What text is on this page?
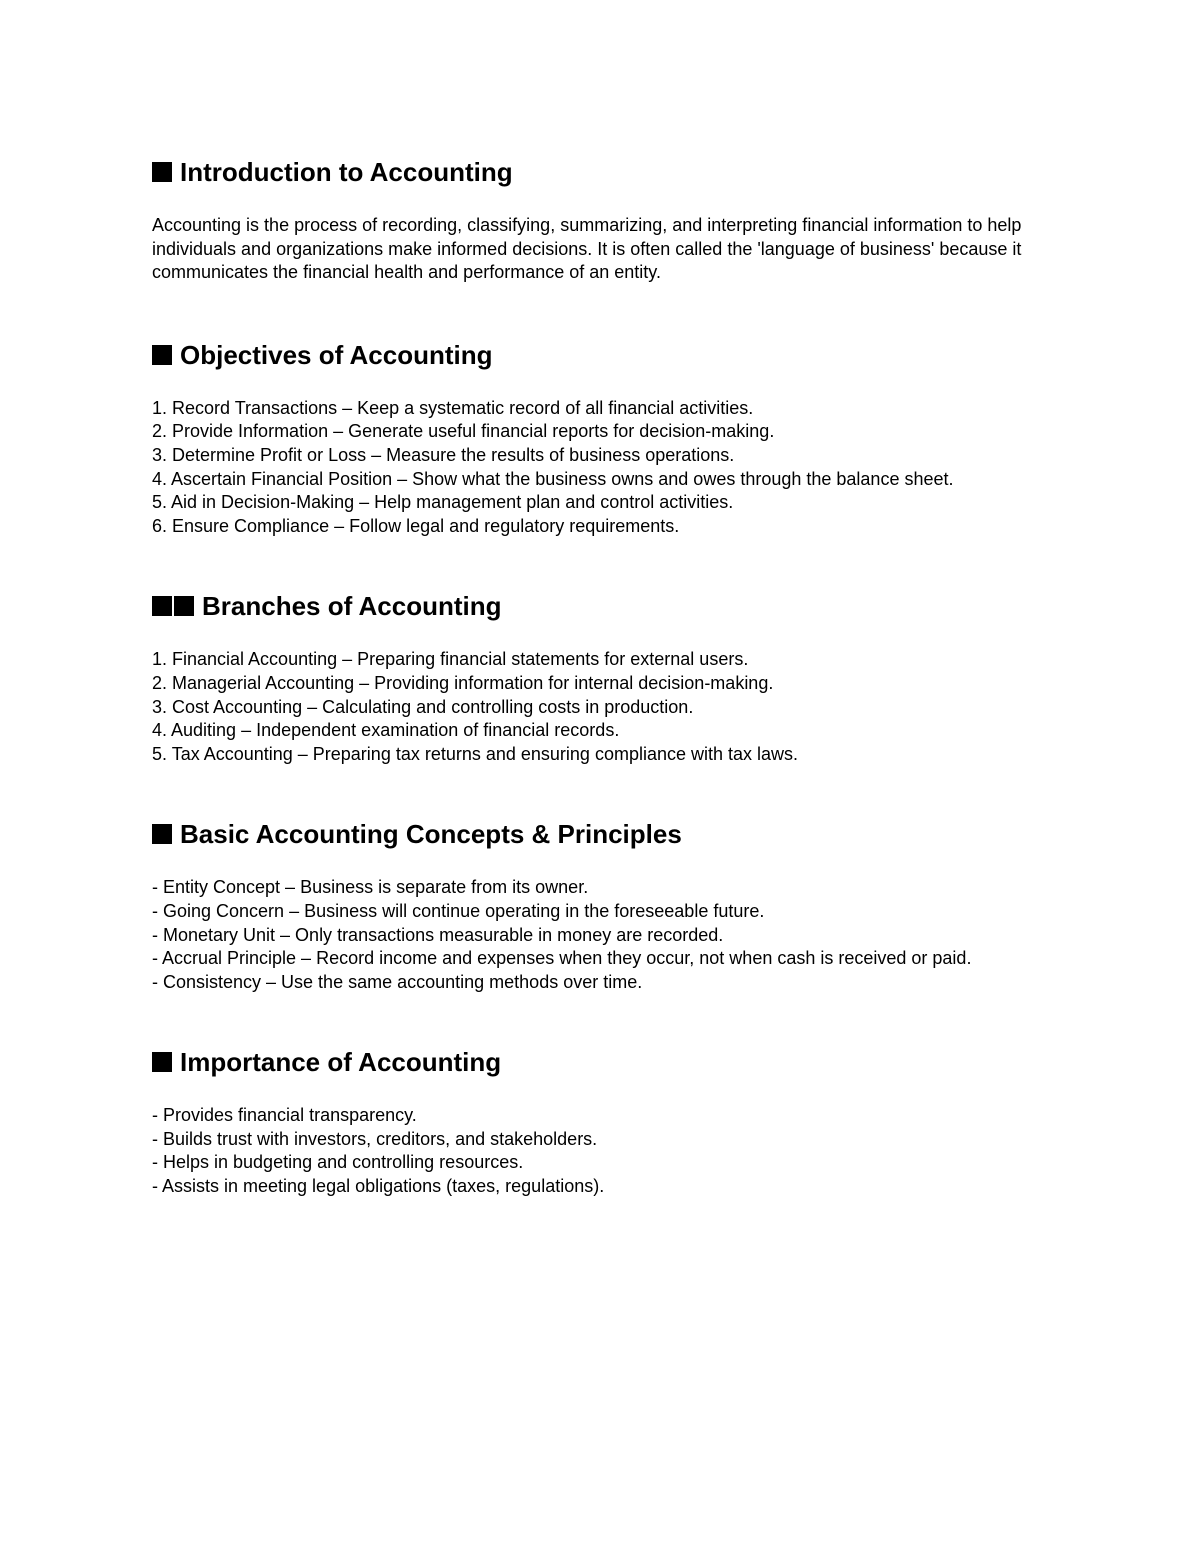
Introduction to Accounting

Accounting is the process of recording, classifying, summarizing, and interpreting financial information to help individuals and organizations make informed decisions. It is often called the 'language of business' because it communicates the financial health and performance of an entity.

Objectives of Accounting
1. Record Transactions – Keep a systematic record of all financial activities.
2. Provide Information – Generate useful financial reports for decision-making.
3. Determine Profit or Loss – Measure the results of business operations.
4. Ascertain Financial Position – Show what the business owns and owes through the balance sheet.
5. Aid in Decision-Making – Help management plan and control activities.
6. Ensure Compliance – Follow legal and regulatory requirements.
Branches of Accounting
1. Financial Accounting – Preparing financial statements for external users.
2. Managerial Accounting – Providing information for internal decision-making.
3. Cost Accounting – Calculating and controlling costs in production.
4. Auditing – Independent examination of financial records.
5. Tax Accounting – Preparing tax returns and ensuring compliance with tax laws.
Basic Accounting Concepts & Principles
- Entity Concept – Business is separate from its owner.
- Going Concern – Business will continue operating in the foreseeable future.
- Monetary Unit – Only transactions measurable in money are recorded.
- Accrual Principle – Record income and expenses when they occur, not when cash is received or paid.
- Consistency – Use the same accounting methods over time.
Importance of Accounting
- Provides financial transparency.
- Builds trust with investors, creditors, and stakeholders.
- Helps in budgeting and controlling resources.
- Assists in meeting legal obligations (taxes, regulations).
